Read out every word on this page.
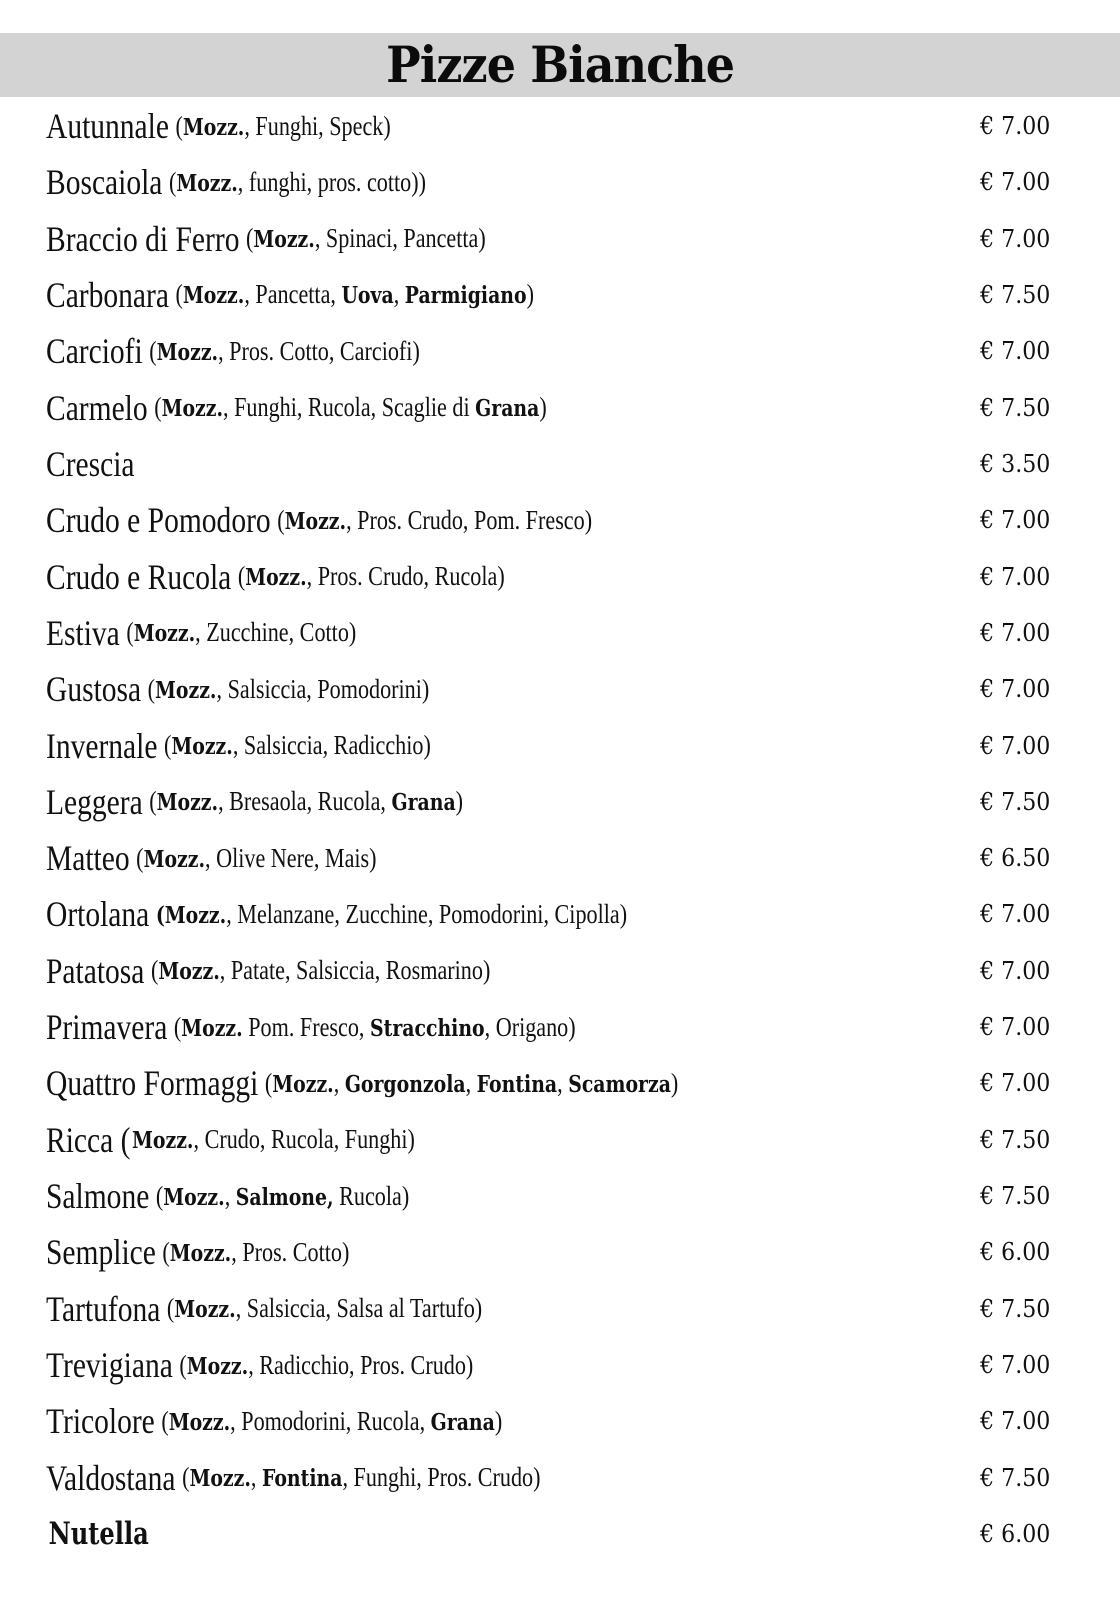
Pizze Bianche
Autunnale (Mozz., Funghi, Speck)	€ 7.00
Boscaiola (Mozz., funghi, pros. cotto))	€ 7.00
Braccio di Ferro (Mozz., Spinaci, Pancetta)	€ 7.00
Carbonara (Mozz., Pancetta, Uova, Parmigiano)	€ 7.50
Carciofi (Mozz., Pros. Cotto, Carciofi)	€ 7.00
Carmelo (Mozz., Funghi, Rucola, Scaglie di Grana)	€ 7.50
Crescia	€ 3.50
Crudo e Pomodoro (Mozz., Pros. Crudo, Pom. Fresco)	€ 7.00
Crudo e Rucola (Mozz., Pros. Crudo, Rucola)	€ 7.00
Estiva (Mozz., Zucchine, Cotto)	€ 7.00
Gustosa (Mozz., Salsiccia, Pomodorini)	€ 7.00
Invernale (Mozz., Salsiccia, Radicchio)	€ 7.00
Leggera (Mozz., Bresaola, Rucola, Grana)	€ 7.50
Matteo (Mozz., Olive Nere, Mais)	€ 6.50
Ortolana (Mozz., Melanzane, Zucchine, Pomodorini, Cipolla)	€ 7.00
Patatosa (Mozz., Patate, Salsiccia, Rosmarino)	€ 7.00
Primavera (Mozz. Pom. Fresco, Stracchino, Origano)	€ 7.00
Quattro Formaggi (Mozz., Gorgonzola, Fontina, Scamorza)	€ 7.00
Ricca ( Mozz., Crudo, Rucola, Funghi)	€ 7.50
Salmone (Mozz., Salmone, Rucola)	€ 7.50
Semplice (Mozz., Pros. Cotto)	€ 6.00
Tartufona (Mozz., Salsiccia, Salsa al Tartufo)	€ 7.50
Trevigiana (Mozz., Radicchio, Pros. Crudo)	€ 7.00
Tricolore (Mozz., Pomodorini, Rucola, Grana)	€ 7.00
Valdostana (Mozz., Fontina, Funghi, Pros. Crudo)	€ 7.50
Nutella	€ 6.00
